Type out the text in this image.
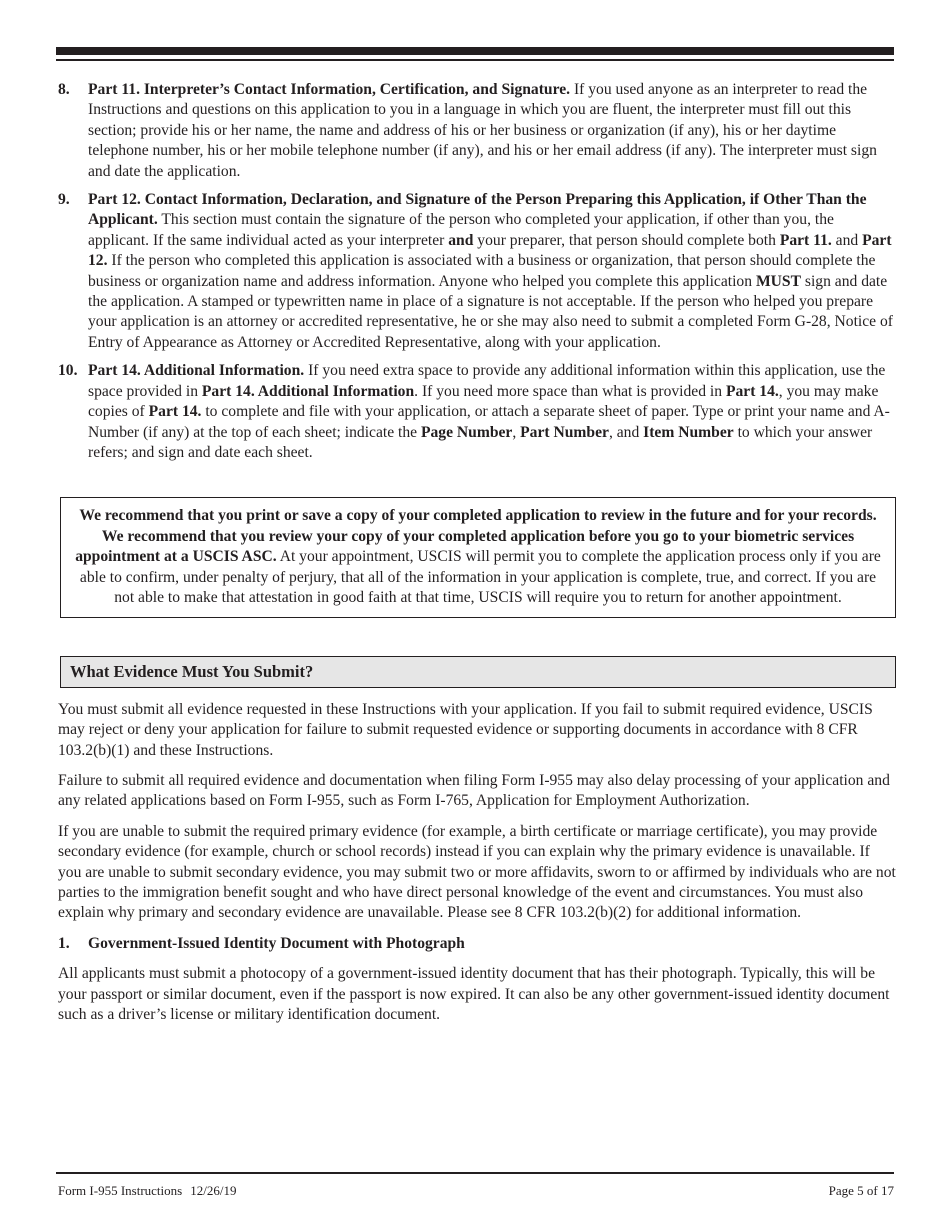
8.	Part 11. Interpreter’s Contact Information, Certification, and Signature. If you used anyone as an interpreter to read the Instructions and questions on this application to you in a language in which you are fluent, the interpreter must fill out this section; provide his or her name, the name and address of his or her business or organization (if any), his or her daytime telephone number, his or her mobile telephone number (if any), and his or her email address (if any). The interpreter must sign and date the application.
9.	Part 12. Contact Information, Declaration, and Signature of the Person Preparing this Application, if Other Than the Applicant. This section must contain the signature of the person who completed your application, if other than you, the applicant. If the same individual acted as your interpreter and your preparer, that person should complete both Part 11. and Part 12. If the person who completed this application is associated with a business or organization, that person should complete the business or organization name and address information. Anyone who helped you complete this application MUST sign and date the application. A stamped or typewritten name in place of a signature is not acceptable. If the person who helped you prepare your application is an attorney or accredited representative, he or she may also need to submit a completed Form G-28, Notice of Entry of Appearance as Attorney or Accredited Representative, along with your application.
10. Part 14. Additional Information. If you need extra space to provide any additional information within this application, use the space provided in Part 14. Additional Information. If you need more space than what is provided in Part 14., you may make copies of Part 14. to complete and file with your application, or attach a separate sheet of paper. Type or print your name and A-Number (if any) at the top of each sheet; indicate the Page Number, Part Number, and Item Number to which your answer refers; and sign and date each sheet.
We recommend that you print or save a copy of your completed application to review in the future and for your records. We recommend that you review your copy of your completed application before you go to your biometric services appointment at a USCIS ASC. At your appointment, USCIS will permit you to complete the application process only if you are able to confirm, under penalty of perjury, that all of the information in your application is complete, true, and correct. If you are not able to make that attestation in good faith at that time, USCIS will require you to return for another appointment.
What Evidence Must You Submit?

You must submit all evidence requested in these Instructions with your application. If you fail to submit required evidence, USCIS may reject or deny your application for failure to submit requested evidence or supporting documents in accordance with 8 CFR 103.2(b)(1) and these Instructions.

Failure to submit all required evidence and documentation when filing Form I-955 may also delay processing of your application and any related applications based on Form I-955, such as Form I-765, Application for Employment Authorization.

If you are unable to submit the required primary evidence (for example, a birth certificate or marriage certificate), you may provide secondary evidence (for example, church or school records) instead if you can explain why the primary evidence is unavailable. If you are unable to submit secondary evidence, you may submit two or more affidavits, sworn to or affirmed by individuals who are not parties to the immigration benefit sought and who have direct personal knowledge of the event and circumstances. You must also explain why primary and secondary evidence are unavailable. Please see 8 CFR 103.2(b)(2) for additional information.

1.	Government-Issued Identity Document with Photograph

All applicants must submit a photocopy of a government-issued identity document that has their photograph. Typically, this will be your passport or similar document, even if the passport is now expired. It can also be any other government-issued identity document such as a driver’s license or military identification document.

Form I-955 Instructions 12/26/19	Page 5 of 17
